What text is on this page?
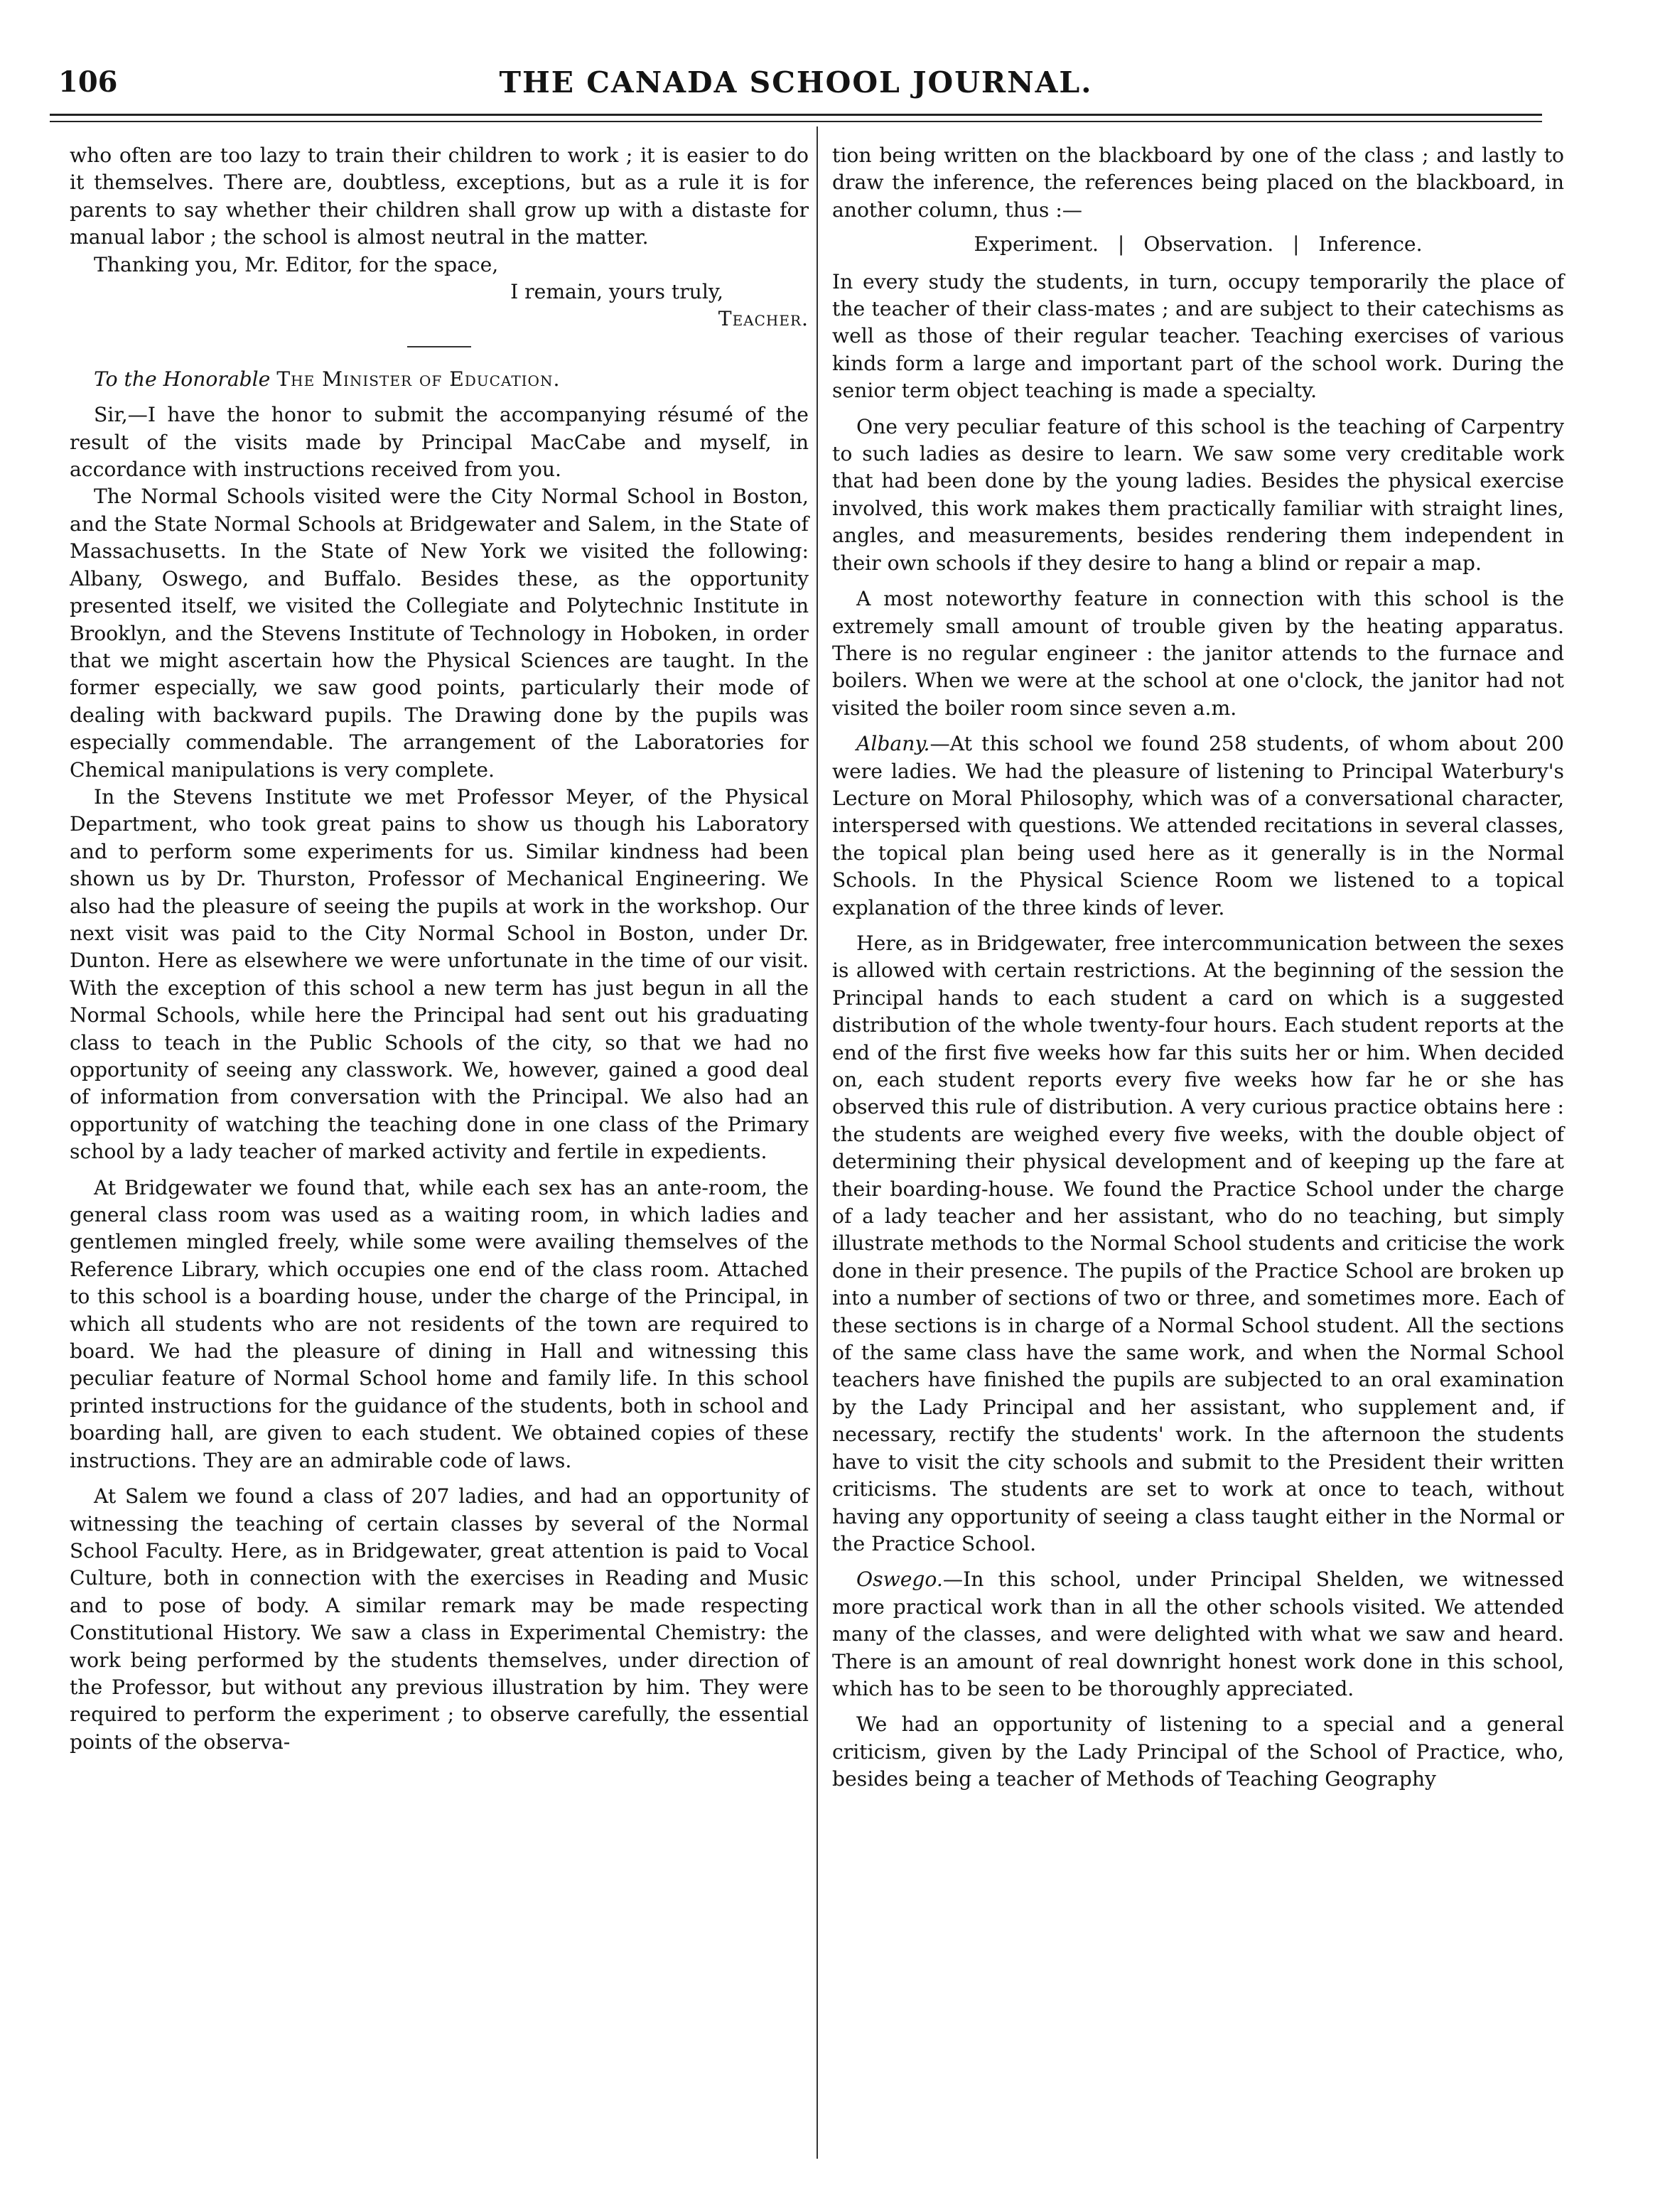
106	THE CANADA SCHOOL JOURNAL.

who often are too lazy to train their children to work ; it is easier to do it themselves. There are, doubtless, exceptions, but as a rule it is for parents to say whether their children shall grow up with a distaste for manual labor ; the school is almost neutral in the matter.

Thanking you, Mr. Editor, for the space,

I remain, yours truly,

Teacher.

To the Honorable The Minister of Education.

Sir,—I have the honor to submit the accompanying résumé of the result of the visits made by Principal MacCabe and myself, in accordance with instructions received from you.

The Normal Schools visited were the City Normal School in Boston, and the State Normal Schools at Bridgewater and Salem, in the State of Massachusetts. In the State of New York we visited the following: Albany, Oswego, and Buffalo. Besides these, as the opportunity presented itself, we visited the Collegiate and Polytechnic Institute in Brooklyn, and the Stevens Institute of Technology in Hoboken, in order that we might ascertain how the Physical Sciences are taught. In the former especially, we saw good points, particularly their mode of dealing with backward pupils. The Drawing done by the pupils was especially commendable. The arrangement of the Laboratories for Chemical manipulations is very complete.

In the Stevens Institute we met Professor Meyer, of the Physical Department, who took great pains to show us though his Laboratory and to perform some experiments for us. Similar kindness had been shown us by Dr. Thurston, Professor of Mechanical Engineering. We also had the pleasure of seeing the pupils at work in the workshop. Our next visit was paid to the City Normal School in Boston, under Dr. Dunton. Here as elsewhere we were unfortunate in the time of our visit. With the exception of this school a new term has just begun in all the Normal Schools, while here the Principal had sent out his graduating class to teach in the Public Schools of the city, so that we had no opportunity of seeing any classwork. We, however, gained a good deal of information from conversation with the Principal. We also had an opportunity of watching the teaching done in one class of the Primary school by a lady teacher of marked activity and fertile in expedients.

At Bridgewater we found that, while each sex has an ante-room, the general class room was used as a waiting room, in which ladies and gentlemen mingled freely, while some were availing themselves of the Reference Library, which occupies one end of the class room. Attached to this school is a boarding house, under the charge of the Principal, in which all students who are not residents of the town are required to board. We had the pleasure of dining in Hall and witnessing this peculiar feature of Normal School home and family life. In this school printed instructions for the guidance of the students, both in school and boarding hall, are given to each student. We obtained copies of these instructions. They are an admirable code of laws.

At Salem we found a class of 207 ladies, and had an opportunity of witnessing the teaching of certain classes by several of the Normal School Faculty. Here, as in Bridgewater, great attention is paid to Vocal Culture, both in connection with the exercises in Reading and Music and to pose of body. A similar remark may be made respecting Constitutional History. We saw a class in Experimental Chemistry: the work being performed by the students themselves, under direction of the Professor, but without any previous illustration by him. They were required to perform the experiment ; to observe carefully, the essential points of the observa-

tion being written on the blackboard by one of the class ; and lastly to draw the inference, the references being placed on the blackboard, in another column, thus :—

Experiment.   |   Observation.   |   Inference.

In every study the students, in turn, occupy temporarily the place of the teacher of their class-mates ; and are subject to their catechisms as well as those of their regular teacher. Teaching exercises of various kinds form a large and important part of the school work. During the senior term object teaching is made a specialty.

One very peculiar feature of this school is the teaching of Carpentry to such ladies as desire to learn. We saw some very creditable work that had been done by the young ladies. Besides the physical exercise involved, this work makes them practically familiar with straight lines, angles, and measurements, besides rendering them independent in their own schools if they desire to hang a blind or repair a map.

A most noteworthy feature in connection with this school is the extremely small amount of trouble given by the heating apparatus. There is no regular engineer : the janitor attends to the furnace and boilers. When we were at the school at one o'clock, the janitor had not visited the boiler room since seven a.m.

Albany.—At this school we found 258 students, of whom about 200 were ladies. We had the pleasure of listening to Principal Waterbury's Lecture on Moral Philosophy, which was of a conversational character, interspersed with questions. We attended recitations in several classes, the topical plan being used here as it generally is in the Normal Schools. In the Physical Science Room we listened to a topical explanation of the three kinds of lever.

Here, as in Bridgewater, free intercommunication between the sexes is allowed with certain restrictions. At the beginning of the session the Principal hands to each student a card on which is a suggested distribution of the whole twenty-four hours. Each student reports at the end of the first five weeks how far this suits her or him. When decided on, each student reports every five weeks how far he or she has observed this rule of distribution. A very curious practice obtains here : the students are weighed every five weeks, with the double object of determining their physical development and of keeping up the fare at their boarding-house. We found the Practice School under the charge of a lady teacher and her assistant, who do no teaching, but simply illustrate methods to the Normal School students and criticise the work done in their presence. The pupils of the Practice School are broken up into a number of sections of two or three, and sometimes more. Each of these sections is in charge of a Normal School student. All the sections of the same class have the same work, and when the Normal School teachers have finished the pupils are subjected to an oral examination by the Lady Principal and her assistant, who supplement and, if necessary, rectify the students' work. In the afternoon the students have to visit the city schools and submit to the President their written criticisms. The students are set to work at once to teach, without having any opportunity of seeing a class taught either in the Normal or the Practice School.

Oswego.—In this school, under Principal Shelden, we witnessed more practical work than in all the other schools visited. We attended many of the classes, and were delighted with what we saw and heard. There is an amount of real downright honest work done in this school, which has to be seen to be thoroughly appreciated.

We had an opportunity of listening to a special and a general criticism, given by the Lady Principal of the School of Practice, who, besides being a teacher of Methods of Teaching Geography
